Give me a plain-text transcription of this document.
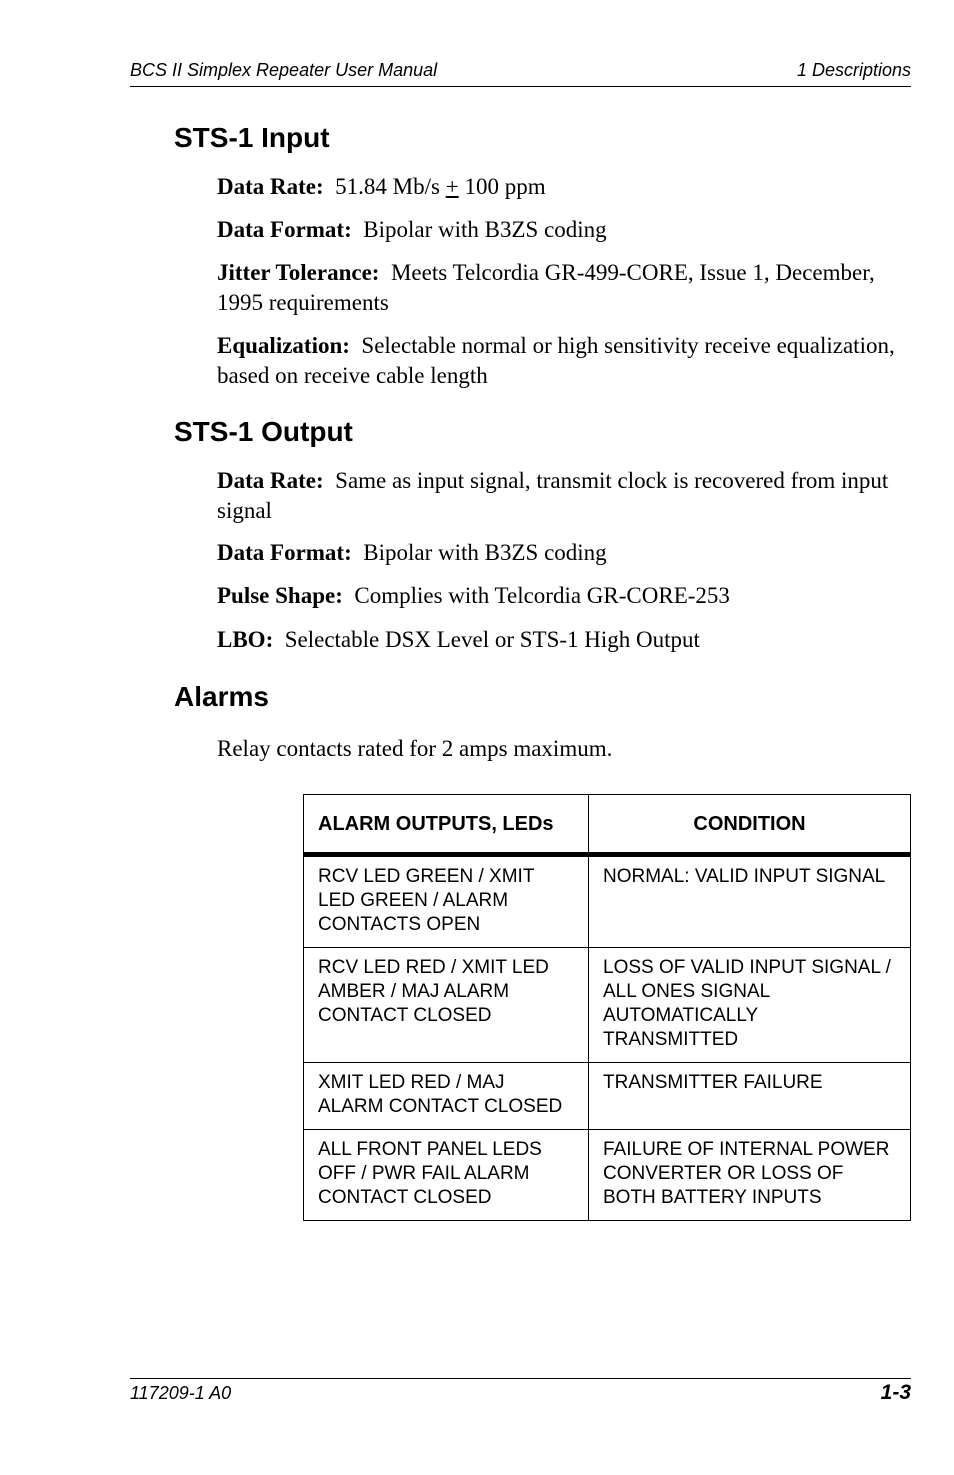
BCS II Simplex Repeater User Manual	1 Descriptions
STS-1 Input

Data Rate: 51.84 Mb/s + 100 ppm

Data Format: Bipolar with B3ZS coding

Jitter Tolerance: Meets Telcordia GR-499-CORE, Issue 1, December, 1995 requirements

Equalization: Selectable normal or high sensitivity receive equalization, based on receive cable length

STS-1 Output

Data Rate: Same as input signal, transmit clock is recovered from input signal

Data Format: Bipolar with B3ZS coding

Pulse Shape: Complies with Telcordia GR-CORE-253

LBO: Selectable DSX Level or STS-1 High Output

Alarms

Relay contacts rated for 2 amps maximum.

ALARM OUTPUTS, LEDs	CONDITION
RCV LED GREEN / XMIT LED GREEN / ALARM CONTACTS OPEN	NORMAL: VALID INPUT SIGNAL
RCV LED RED / XMIT LED AMBER / MAJ ALARM CONTACT CLOSED	LOSS OF VALID INPUT SIGNAL / ALL ONES SIGNAL AUTOMATICALLY TRANSMITTED
XMIT LED RED / MAJ ALARM CONTACT CLOSED	TRANSMITTER FAILURE
ALL FRONT PANEL LEDS OFF / PWR FAIL ALARM CONTACT CLOSED	FAILURE OF INTERNAL POWER CONVERTER OR LOSS OF BOTH BATTERY INPUTS
117209-1 A0	1-3
